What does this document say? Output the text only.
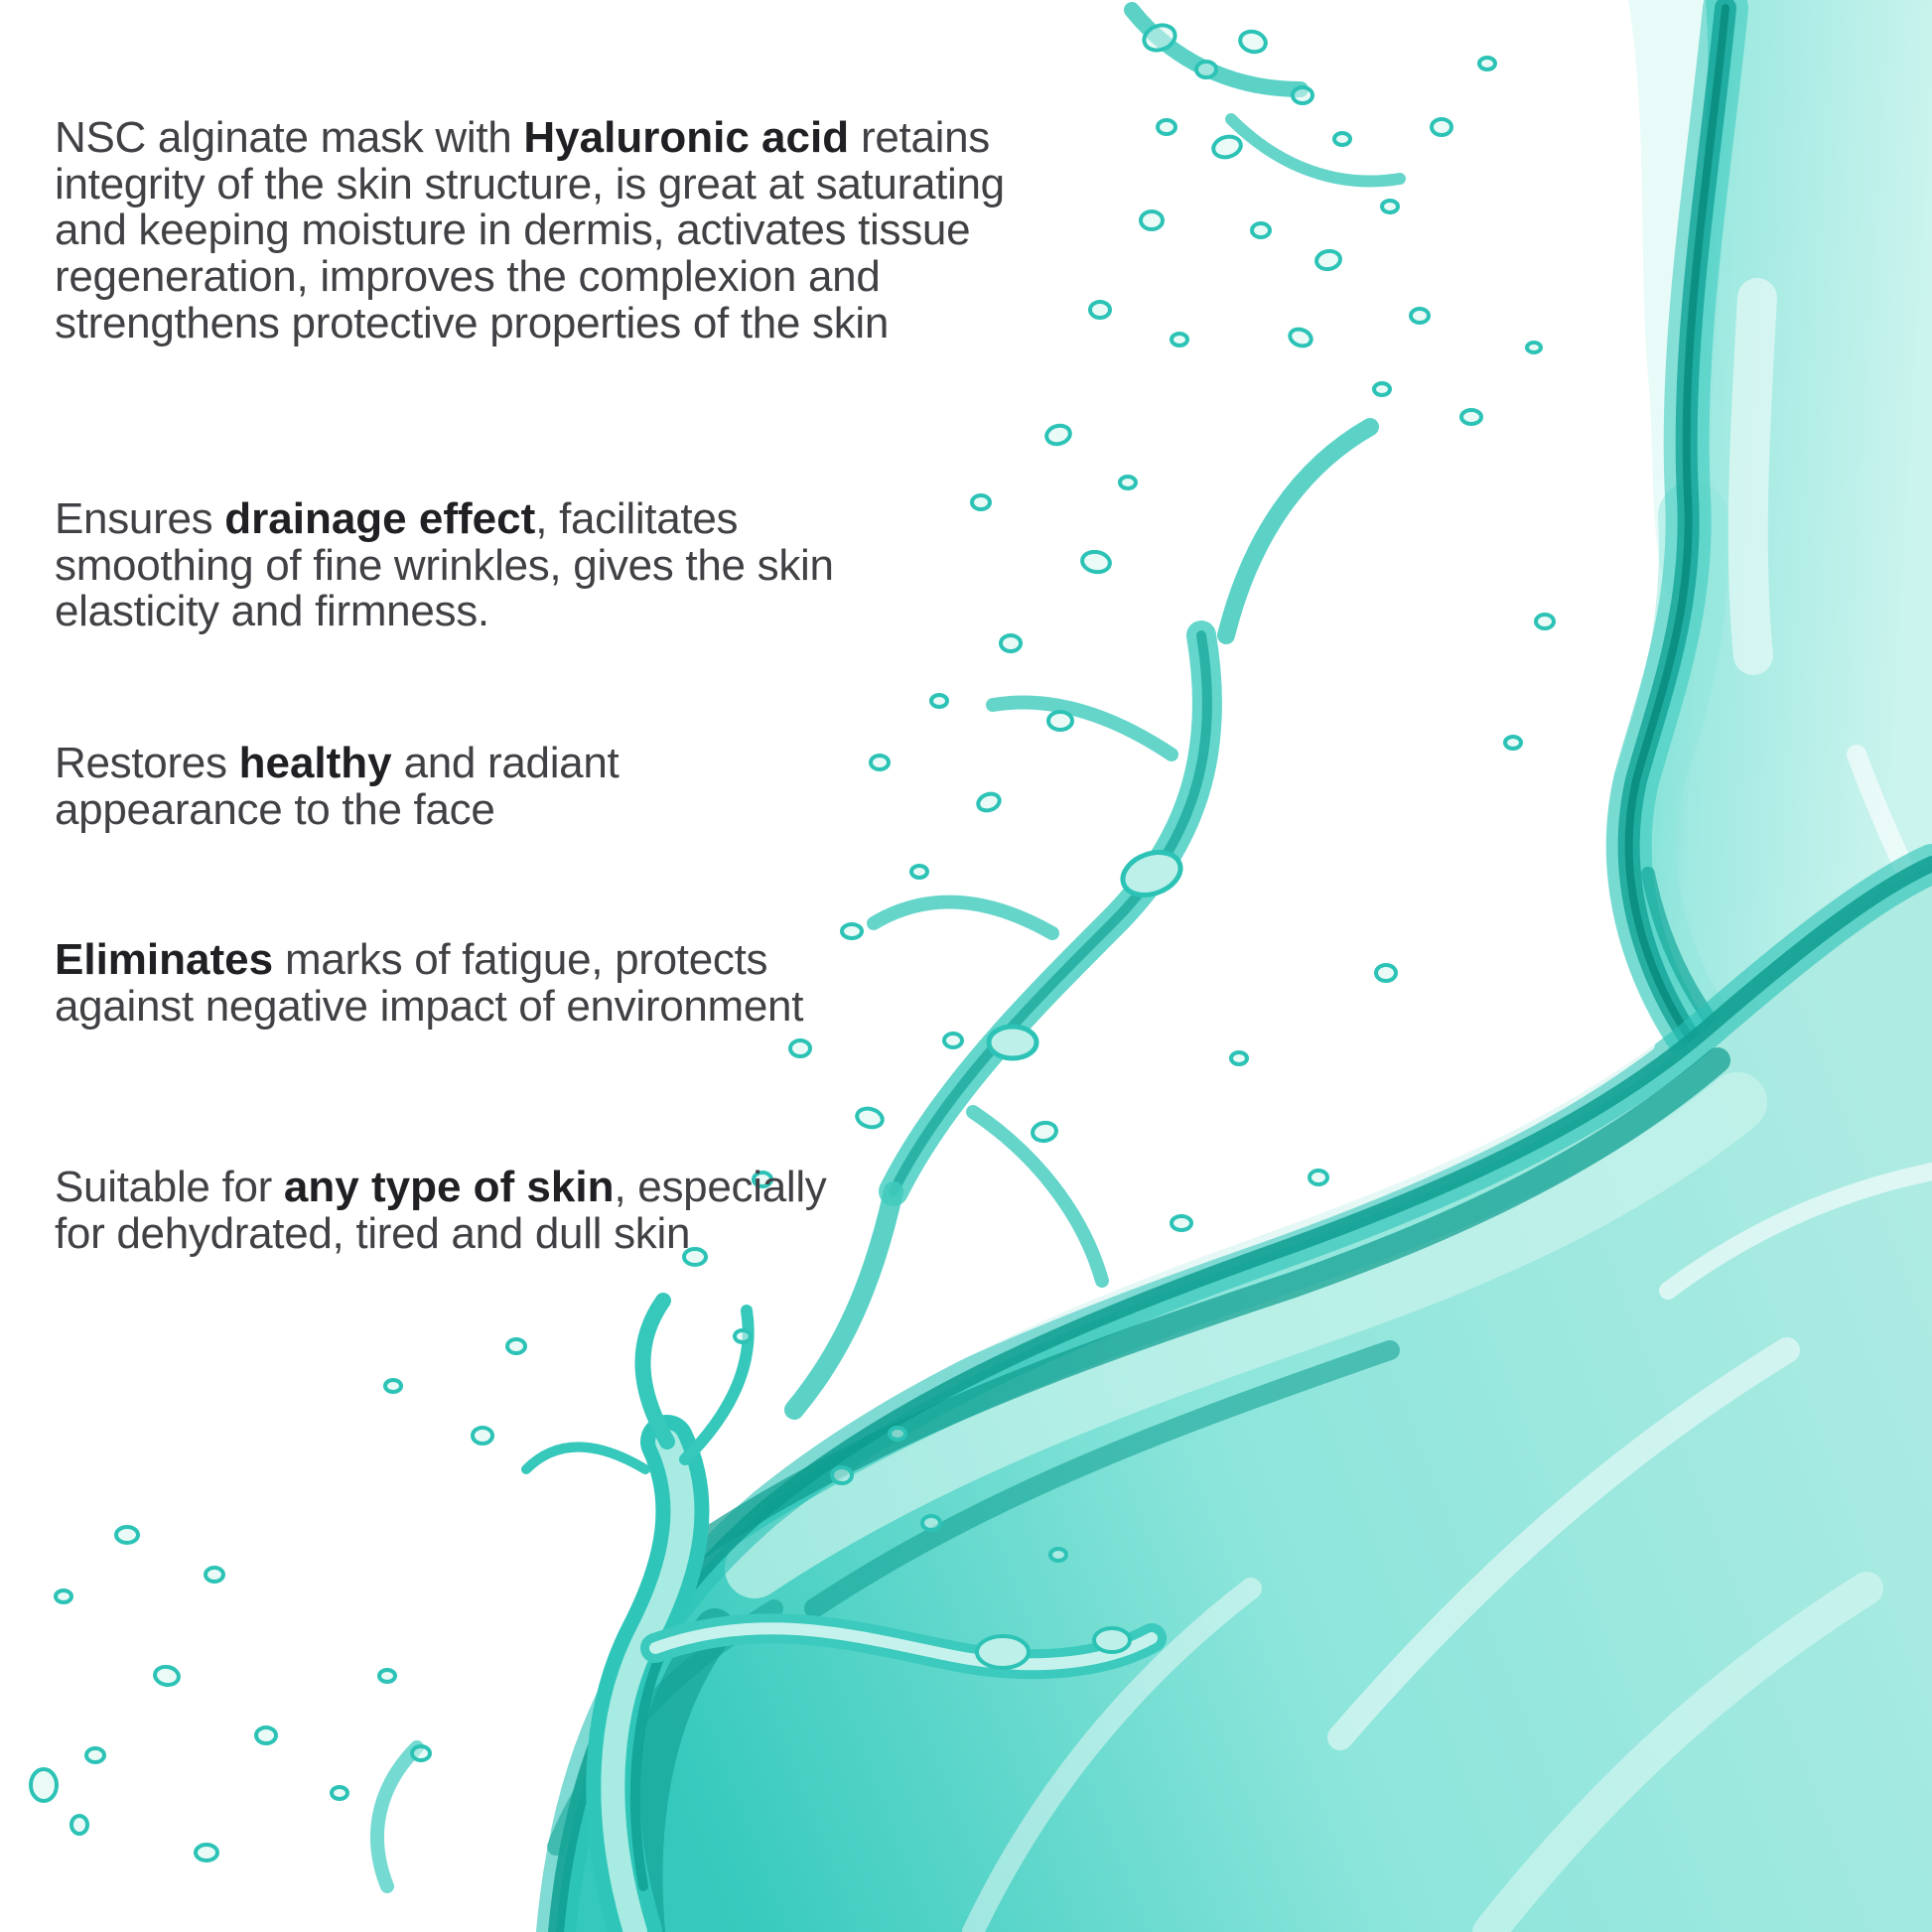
NSC alginate mask with Hyaluronic acid retains integrity of the skin structure, is great at saturating and keeping moisture in dermis, activates tissue regeneration, improves the complexion and strengthens protective properties of the skin

Ensures drainage effect, facilitates smoothing of fine wrinkles, gives the skin elasticity and firmness.

Restores healthy and radiant appearance to the face

Eliminates marks of fatigue, protects against negative impact of environment

Suitable for any type of skin, especially for dehydrated, tired and dull skin
